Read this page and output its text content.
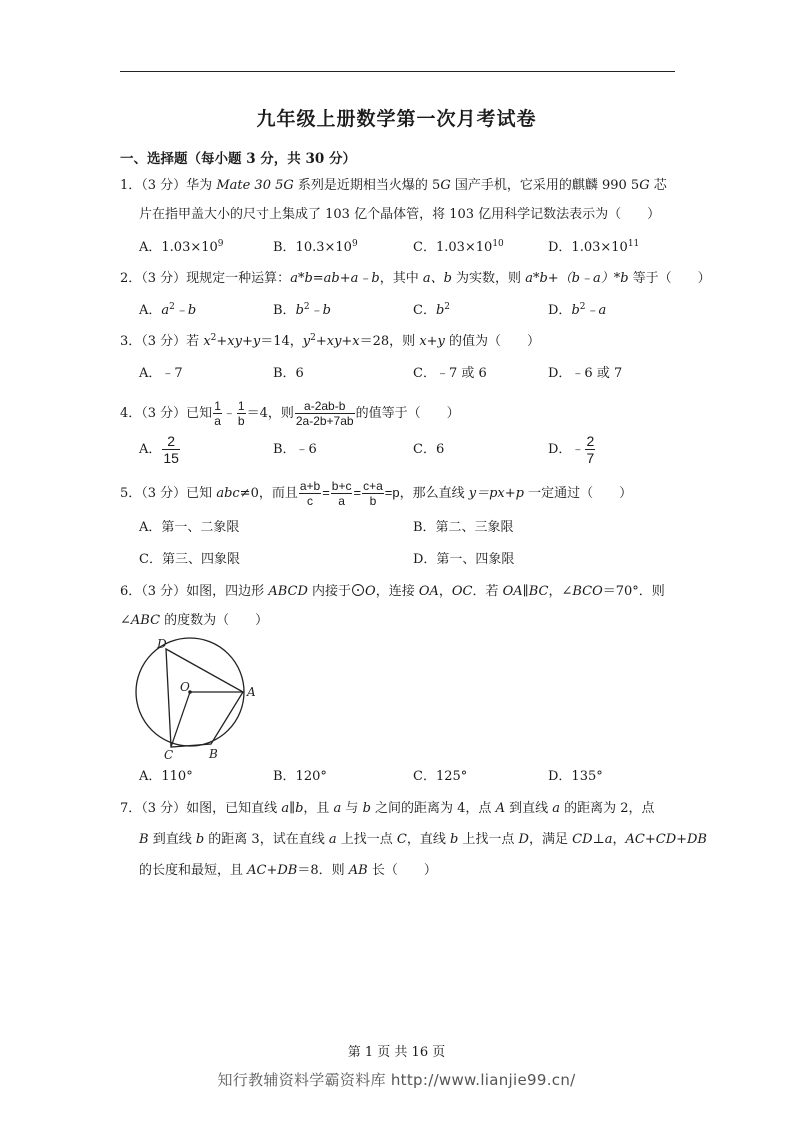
九年级上册数学第一次月考试卷
一、选择题（每小题 3 分，共 30 分）
1．（3 分）华为 Mate 30 5G 系列是近期相当火爆的 5G 国产手机，它采用的麒麟 990 5G 芯
片在指甲盖大小的尺寸上集成了 103 亿个晶体管，将 103 亿用科学记数法表示为（　　）
A．$1.03\times 10^9$	B．$10.3\times 10^9$	C．$1.03\times 10^{10}$	D．$1.03\times 10^{11}$
2．（3 分）现规定一种运算：a*b=ab+a﹣b，其中 a、b 为实数，则 a*b+（b﹣a）*b 等于（　　）
A．$a^2﹣b$	B．$b^2﹣b$	C．$b^2$	D．$b^2﹣a$
3．（3 分）若 $x^2+xy+y=14$，$y^2+xy+x=28$，则 x+y 的值为（　　）
A．﹣7	B．6	C．﹣7 或 6	D．﹣6 或 7
4．（3 分）已知 $\frac{1}{a}$ ﹣ $\frac{1}{b} =4$，则 $\frac{a-2ab-b}{2a-2b+7ab}$ 的值等于（　　）
A． $\frac{2}{15}$	B．﹣6	C．6	D．﹣ $\frac{2}{7}$
5．（3 分）已知 abc≠0，而且 $\frac{a+b}{c} = \frac{b+c}{a} = \frac{c+a}{b} =p$，那么直线 y＝px+p 一定通过（　　）
A．第一、二象限	B．第二、三象限
C．第三、四象限	D．第一、四象限
6．（3 分）如图，四边形 ABCD 内接于 O，连接 OA，OC．若 OA∥BC，∠BCO＝70°．则
∠ABC 的度数为（　　）
D
O	A
C	B
A．110°	B．120°	C．125°	D．135°
7．（3 分）如图，已知直线 a∥b，且 a 与 b 之间的距离为 4，点 A 到直线 a 的距离为 2，点
B 到直线 b 的距离 3，试在直线 a 上找一点 C，直线 b 上找一点 D，满足 CD⊥a，AC+CD+DB
的长度和最短，且 AC+DB＝8．则 AB 长（　　）
第 1 页 共 16 页
知行教辅资料学霸资料库 http://www.lianjie99.cn/
